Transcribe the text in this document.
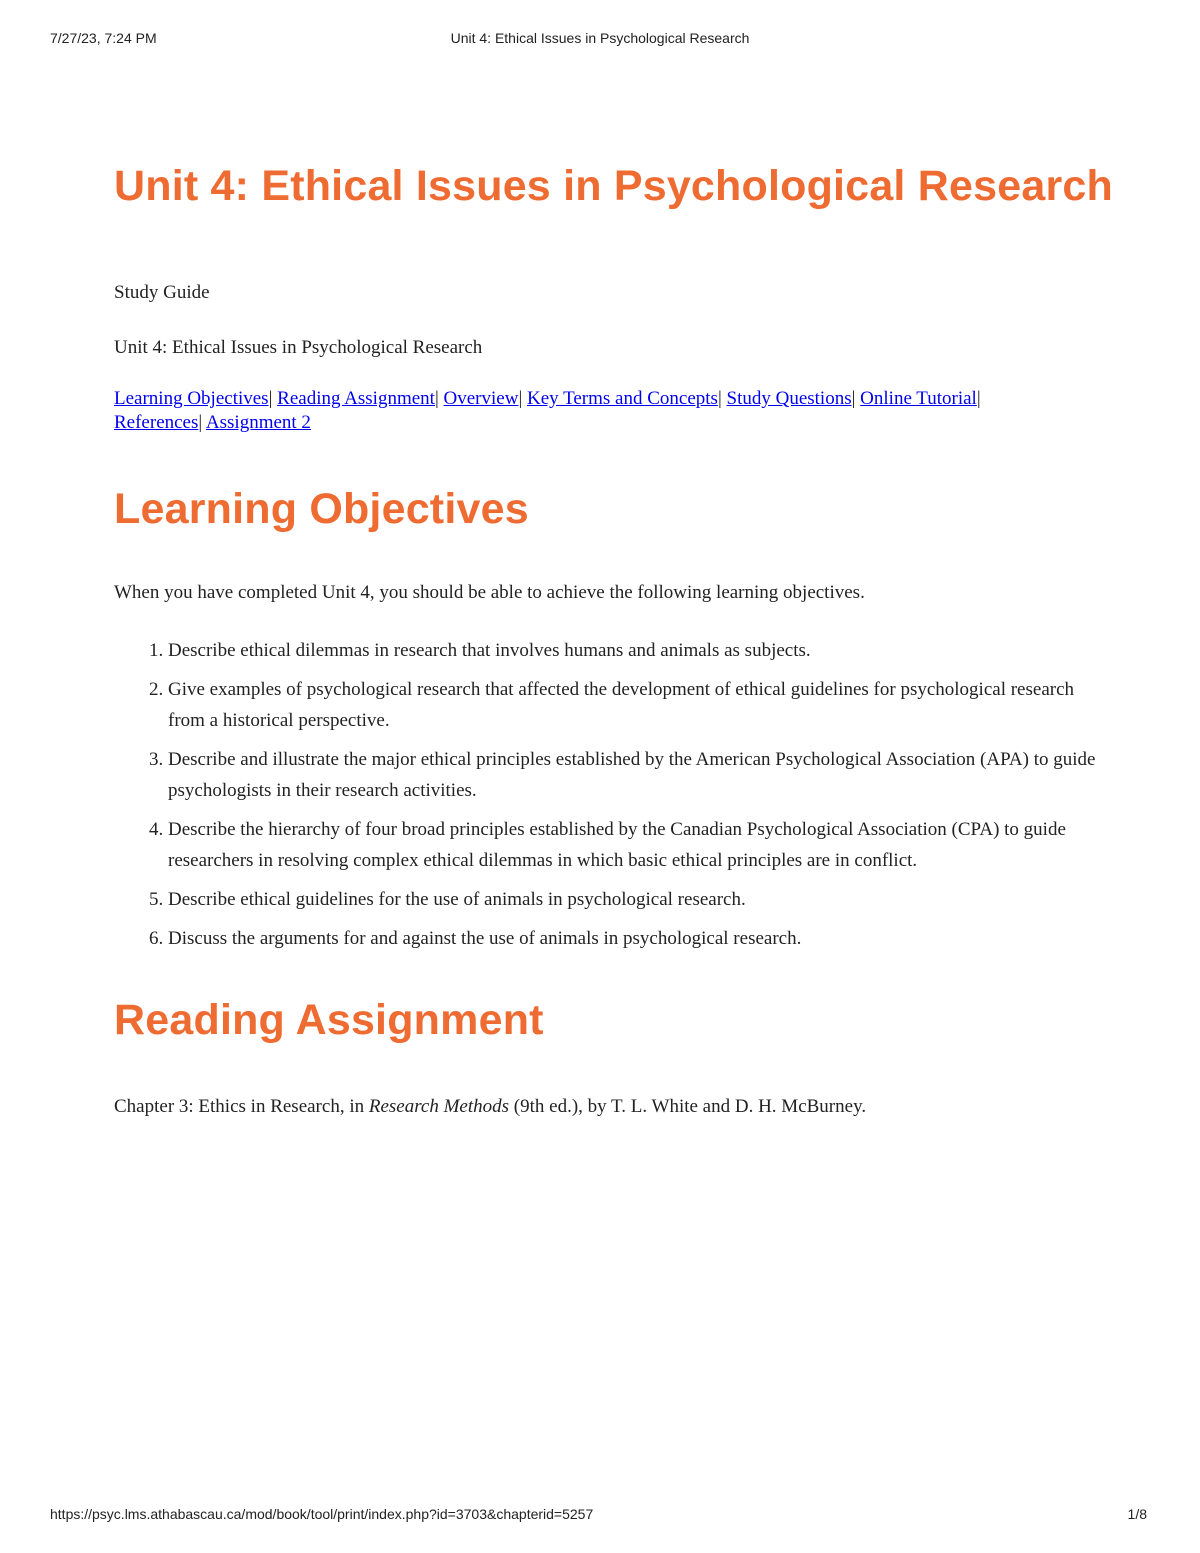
7/27/23, 7:24 PM	Unit 4: Ethical Issues in Psychological Research
Unit 4: Ethical Issues in Psychological Research

Study Guide

Unit 4: Ethical Issues in Psychological Research

Learning Objectives| Reading Assignment| Overview| Key Terms and Concepts| Study Questions| Online Tutorial|
References| Assignment 2
Learning Objectives

When you have completed Unit 4, you should be able to achieve the following learning objectives.

1. Describe ethical dilemmas in research that involves humans and animals as subjects.
2. Give examples of psychological research that affected the development of ethical guidelines for psychological research from a historical perspective.
3. Describe and illustrate the major ethical principles established by the American Psychological Association (APA) to guide psychologists in their research activities.
4. Describe the hierarchy of four broad principles established by the Canadian Psychological Association (CPA) to guide researchers in resolving complex ethical dilemmas in which basic ethical principles are in conflict.
5. Describe ethical guidelines for the use of animals in psychological research.
6. Discuss the arguments for and against the use of animals in psychological research.
Reading Assignment

Chapter 3: Ethics in Research, in Research Methods (9th ed.), by T. L. White and D. H. McBurney.

https://psyc.lms.athabascau.ca/mod/book/tool/print/index.php?id=3703&chapterid=5257	1/8
